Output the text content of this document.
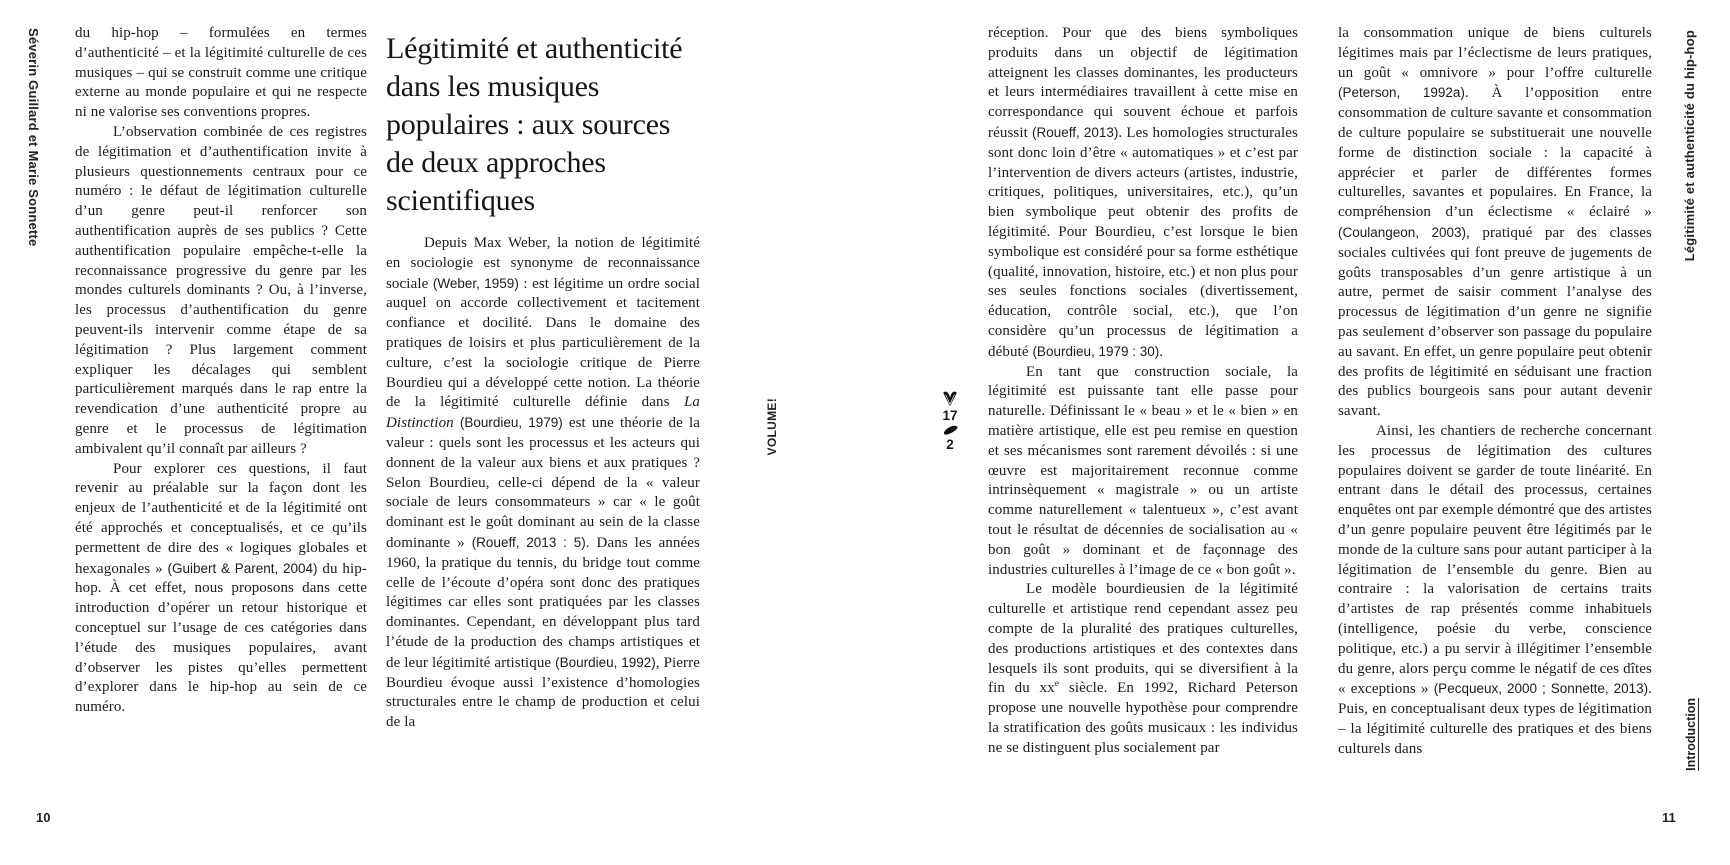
Séverin Guillard et Marie Sonnette du hip-hop – formulées en termes d’authenticité – et la légitimité culturelle de ces musiques – qui se construit comme une critique externe au monde populaire et qui ne respecte ni ne valorise ses conventions propres.

L’observation combinée de ces registres de légitimation et d’authentification invite à plusieurs questionnements centraux pour ce numéro : le défaut de légitimation culturelle d’un genre peut-il renforcer son authentification auprès de ses publics ? Cette authentification populaire empêche-t-elle la reconnaissance progressive du genre par les mondes culturels dominants ? Ou, à l’inverse, les processus d’authentification du genre peuvent-ils intervenir comme étape de sa légitimation ? Plus largement comment expliquer les décalages qui semblent particulièrement marqués dans le rap entre la revendication d’une authenticité propre au genre et le processus de légitimation ambivalent qu’il connaît par ailleurs ?

Pour explorer ces questions, il faut revenir au préalable sur la façon dont les enjeux de l’authenticité et de la légitimité ont été approchés et conceptualisés, et ce qu’ils permettent de dire des « logiques globales et hexagonales » (Guibert & Parent, 2004) du hip-hop. À cet effet, nous proposons dans cette introduction d’opérer un retour historique et conceptuel sur l’usage de ces catégories dans l’étude des musiques populaires, avant d’observer les pistes qu’elles permettent d’explorer dans le hip-hop au sein de ce numéro.

Légitimité et authenticité dans les musiques populaires : aux sources de deux approches scientifiques

Depuis Max Weber, la notion de légitimité en sociologie est synonyme de reconnaissance sociale (Weber, 1959) : est légitime un ordre social auquel on accorde collectivement et tacitement confiance et docilité. Dans le domaine des pratiques de loisirs et plus particulièrement de la culture, c’est la sociologie critique de Pierre Bourdieu qui a développé cette notion. La théorie de la légitimité culturelle définie dans La Distinction (Bourdieu, 1979) est une théorie de la valeur : quels sont les processus et les acteurs qui donnent de la valeur aux biens et aux pratiques ? Selon Bourdieu, celle-ci dépend de la « valeur sociale de leurs consommateurs » car « le goût dominant est le goût dominant au sein de la classe dominante » (Roueff, 2013 : 5). Dans les années 1960, la pratique du tennis, du bridge tout comme celle de l’écoute d’opéra sont donc des pratiques légitimes car elles sont pratiquées par les classes dominantes. Cependant, en développant plus tard l’étude de la production des champs artistiques et de leur légitimité artistique (Bourdieu, 1992), Pierre Bourdieu évoque aussi l’existence d’homologies structurales entre le champ de production et celui de la

VOLUME!	17
2

réception. Pour que des biens symboliques produits dans un objectif de légitimation atteignent les classes dominantes, les producteurs et leurs intermédiaires travaillent à cette mise en correspondance qui souvent échoue et parfois réussit (Roueff, 2013). Les homologies structurales sont donc loin d’être « automatiques » et c’est par l’intervention de divers acteurs (artistes, industrie, critiques, politiques, universitaires, etc.), qu’un bien symbolique peut obtenir des profits de légitimité. Pour Bourdieu, c’est lorsque le bien symbolique est considéré pour sa forme esthétique (qualité, innovation, histoire, etc.) et non plus pour ses seules fonctions sociales (divertissement, éducation, contrôle social, etc.), que l’on considère qu’un processus de légitimation a débuté (Bourdieu, 1979 : 30).

En tant que construction sociale, la légitimité est puissante tant elle passe pour naturelle. Définissant le « beau » et le « bien » en matière artistique, elle est peu remise en question et ses mécanismes sont rarement dévoilés : si une œuvre est majoritairement reconnue comme intrinsèquement « magistrale » ou un artiste comme naturellement « talentueux », c’est avant tout le résultat de décennies de socialisation au « bon goût » dominant et de façonnage des industries culturelles à l’image de ce « bon goût ».

Le modèle bourdieusien de la légitimité culturelle et artistique rend cependant assez peu compte de la pluralité des pratiques culturelles, des productions artistiques et des contextes dans lesquels ils sont produits, qui se diversifient à la fin du $xx^e$ siècle. En 1992, Richard Peterson propose une nouvelle hypothèse pour comprendre la stratification des goûts musicaux : les individus ne se distinguent plus socialement par

la consommation unique de biens culturels légitimes mais par l’éclectisme de leurs pratiques, un goût « omnivore » pour l’offre culturelle (Peterson, 1992a). À l’opposition entre consommation de culture savante et consommation de culture populaire se substituerait une nouvelle forme de distinction sociale : la capacité à apprécier et parler de différentes formes culturelles, savantes et populaires. En France, la compréhension d’un éclectisme « éclairé » (Coulangeon, 2003), pratiqué par des classes sociales cultivées qui font preuve de jugements de goûts transposables d’un genre artistique à un autre, permet de saisir comment l’analyse des processus de légitimation d’un genre ne signifie pas seulement d’observer son passage du populaire au savant. En effet, un genre populaire peut obtenir des profits de légitimité en séduisant une fraction des publics bourgeois sans pour autant devenir savant.

Ainsi, les chantiers de recherche concernant les processus de légitimation des cultures populaires doivent se garder de toute linéarité. En entrant dans le détail des processus, certaines enquêtes ont par exemple démontré que des artistes d’un genre populaire peuvent être légitimés par le monde de la culture sans pour autant participer à la légitimation de l’ensemble du genre. Bien au contraire : la valorisation de certains traits d’artistes de rap présentés comme inhabituels (intelligence, poésie du verbe, conscience politique, etc.) a pu servir à illégitimer l’ensemble du genre, alors perçu comme le négatif de ces dîtes « exceptions » (Pecqueux, 2000 ; Sonnette, 2013). Puis, en conceptualisant deux types de légitimation – la légitimité culturelle des pratiques et des biens culturels dans

Légitimité et authenticité du hip-hop
Introduction
10	11
